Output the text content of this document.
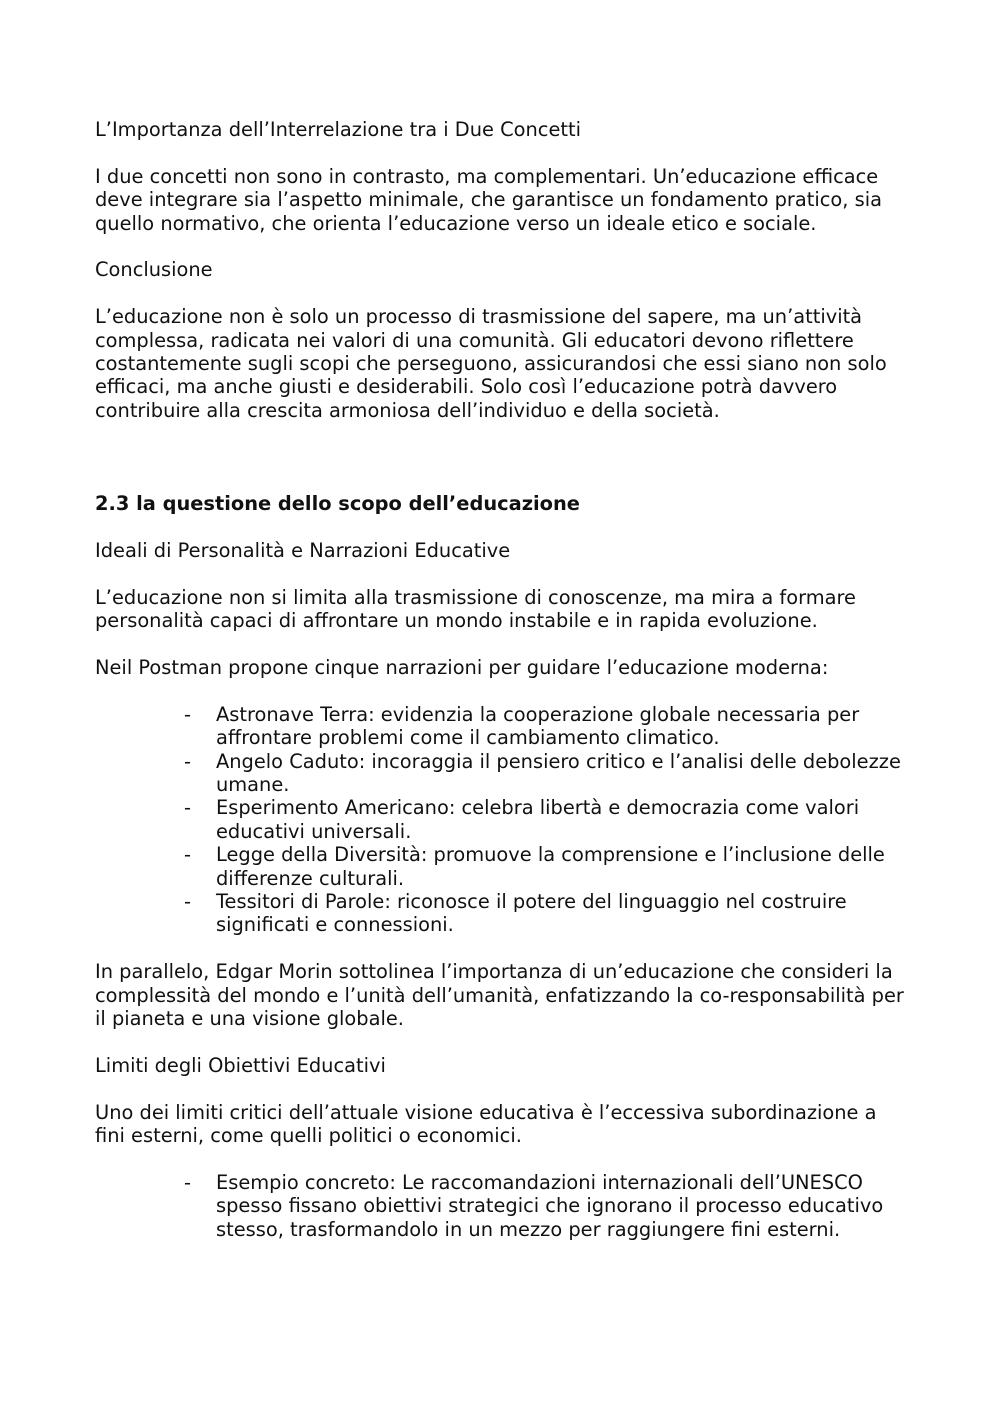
L’Importanza dell’Interrelazione tra i Due Concetti

I due concetti non sono in contrasto, ma complementari. Un’educazione efficace deve integrare sia l’aspetto minimale, che garantisce un fondamento pratico, sia quello normativo, che orienta l’educazione verso un ideale etico e sociale.

Conclusione

L’educazione non è solo un processo di trasmissione del sapere, ma un’attività complessa, radicata nei valori di una comunità. Gli educatori devono riflettere costantemente sugli scopi che perseguono, assicurandosi che essi siano non solo efficaci, ma anche giusti e desiderabili. Solo così l’educazione potrà davvero contribuire alla crescita armoniosa dell’individuo e della società.

2.3 la questione dello scopo dell’educazione

Ideali di Personalità e Narrazioni Educative

L’educazione non si limita alla trasmissione di conoscenze, ma mira a formare personalità capaci di affrontare un mondo instabile e in rapida evoluzione.

Neil Postman propone cinque narrazioni per guidare l’educazione moderna:

- Astronave Terra: evidenzia la cooperazione globale necessaria per affrontare problemi come il cambiamento climatico.
- Angelo Caduto: incoraggia il pensiero critico e l’analisi delle debolezze umane.
- Esperimento Americano: celebra libertà e democrazia come valori educativi universali.
- Legge della Diversità: promuove la comprensione e l’inclusione delle differenze culturali.
- Tessitori di Parole: riconosce il potere del linguaggio nel costruire significati e connessioni.

In parallelo, Edgar Morin sottolinea l’importanza di un’educazione che consideri la complessità del mondo e l’unità dell’umanità, enfatizzando la co-responsabilità per il pianeta e una visione globale.

Limiti degli Obiettivi Educativi

Uno dei limiti critici dell’attuale visione educativa è l’eccessiva subordinazione a fini esterni, come quelli politici o economici.

- Esempio concreto: Le raccomandazioni internazionali dell’UNESCO spesso fissano obiettivi strategici che ignorano il processo educativo stesso, trasformandolo in un mezzo per raggiungere fini esterni.
